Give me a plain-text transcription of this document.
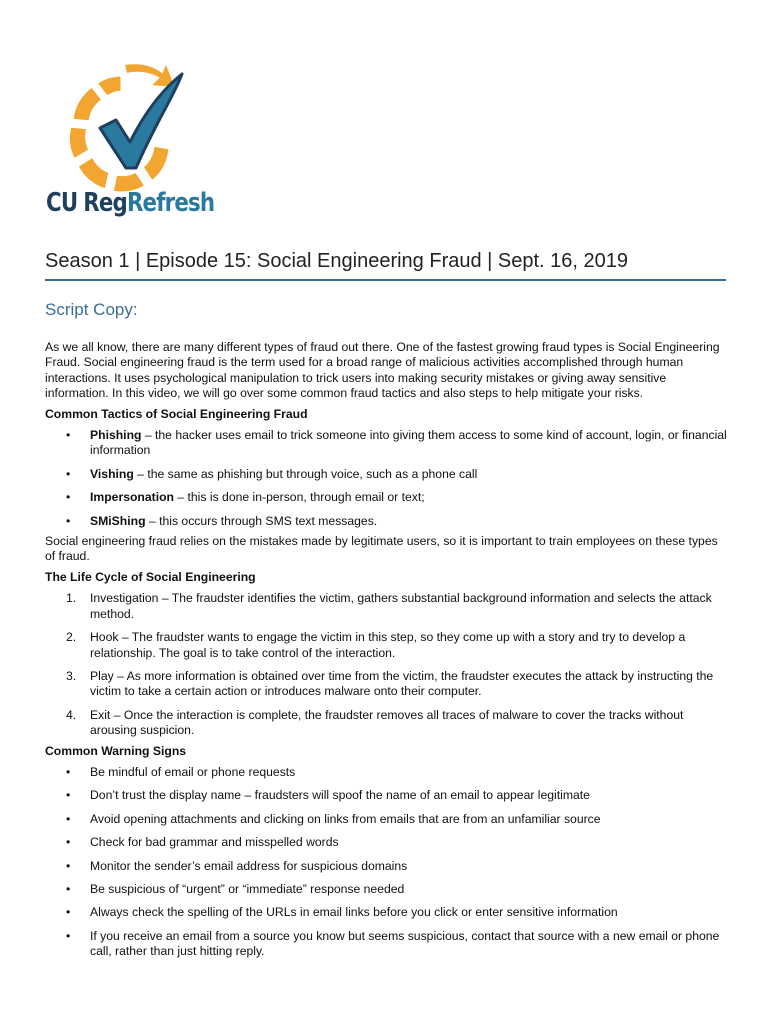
CU RegRefresh
Season 1 | Episode 15: Social Engineering Fraud | Sept. 16, 2019
Script Copy:

As we all know, there are many different types of fraud out there. One of the fastest growing fraud types is Social Engineering Fraud. Social engineering fraud is the term used for a broad range of malicious activities accomplished through human interactions. It uses psychological manipulation to trick users into making security mistakes or giving away sensitive information. In this video, we will go over some common fraud tactics and also steps to help mitigate your risks.

Common Tactics of Social Engineering Fraud

• Phishing – the hacker uses email to trick someone into giving them access to some kind of account, login, or financial information
• Vishing – the same as phishing but through voice, such as a phone call
• Impersonation – this is done in-person, through email or text;
• SMiShing – this occurs through SMS text messages.

Social engineering fraud relies on the mistakes made by legitimate users, so it is important to train employees on these types of fraud.

The Life Cycle of Social Engineering

1. Investigation – The fraudster identifies the victim, gathers substantial background information and selects the attack method.
2. Hook – The fraudster wants to engage the victim in this step, so they come up with a story and try to develop a relationship. The goal is to take control of the interaction.
3. Play – As more information is obtained over time from the victim, the fraudster executes the attack by instructing the victim to take a certain action or introduces malware onto their computer.
4. Exit – Once the interaction is complete, the fraudster removes all traces of malware to cover the tracks without arousing suspicion.

Common Warning Signs

• Be mindful of email or phone requests
• Don’t trust the display name – fraudsters will spoof the name of an email to appear legitimate
• Avoid opening attachments and clicking on links from emails that are from an unfamiliar source
• Check for bad grammar and misspelled words
• Monitor the sender’s email address for suspicious domains
• Be suspicious of “urgent” or “immediate” response needed
• Always check the spelling of the URLs in email links before you click or enter sensitive information
• If you receive an email from a source you know but seems suspicious, contact that source with a new email or phone call, rather than just hitting reply.
